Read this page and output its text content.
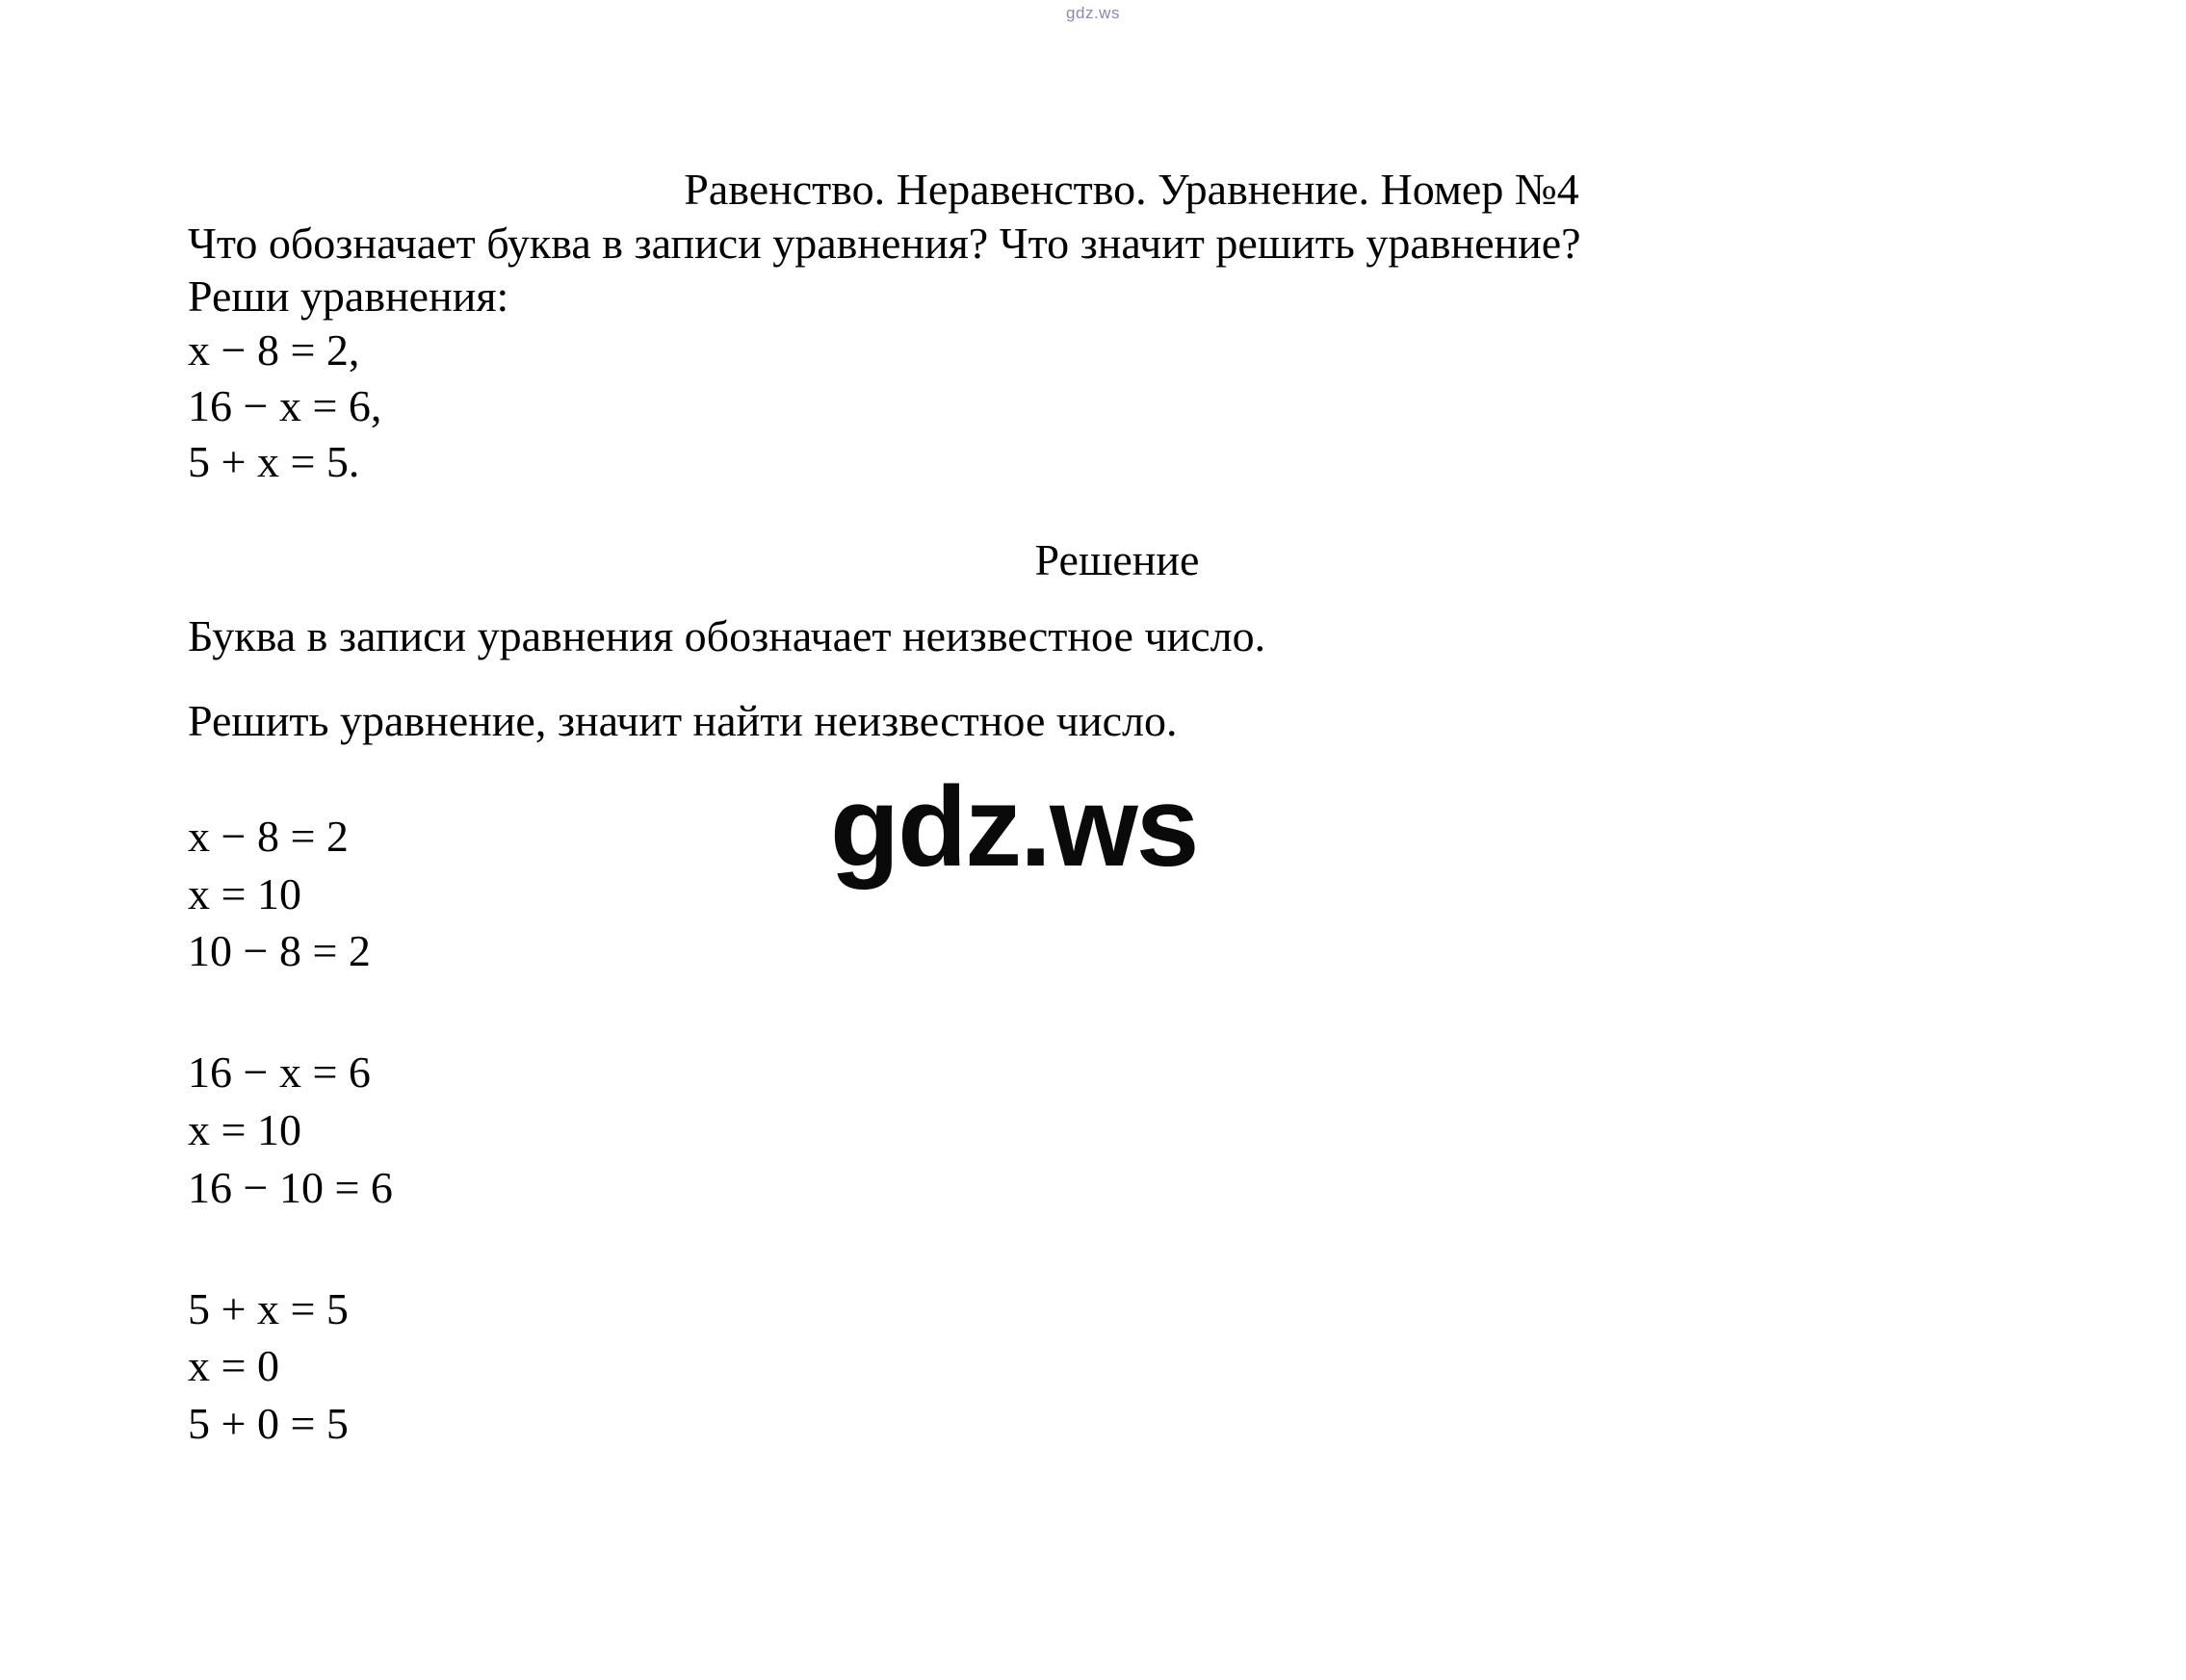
gdz.ws
Равенство. Неравенство. Уравнение. Номер №4
Что обозначает буква в записи уравнения? Что значит решить уравнение?
Реши уравнения:
x − 8 = 2,
16 − x = 6,
5 + x = 5.
Решение
Буква в записи уравнения обозначает неизвестное число.
Решить уравнение, значит найти неизвестное число.
x − 8 = 2
x = 10
10 − 8 = 2
16 − x = 6
x = 10
16 − 10 = 6
5 + x = 5
x = 0
5 + 0 = 5
gdz.ws
